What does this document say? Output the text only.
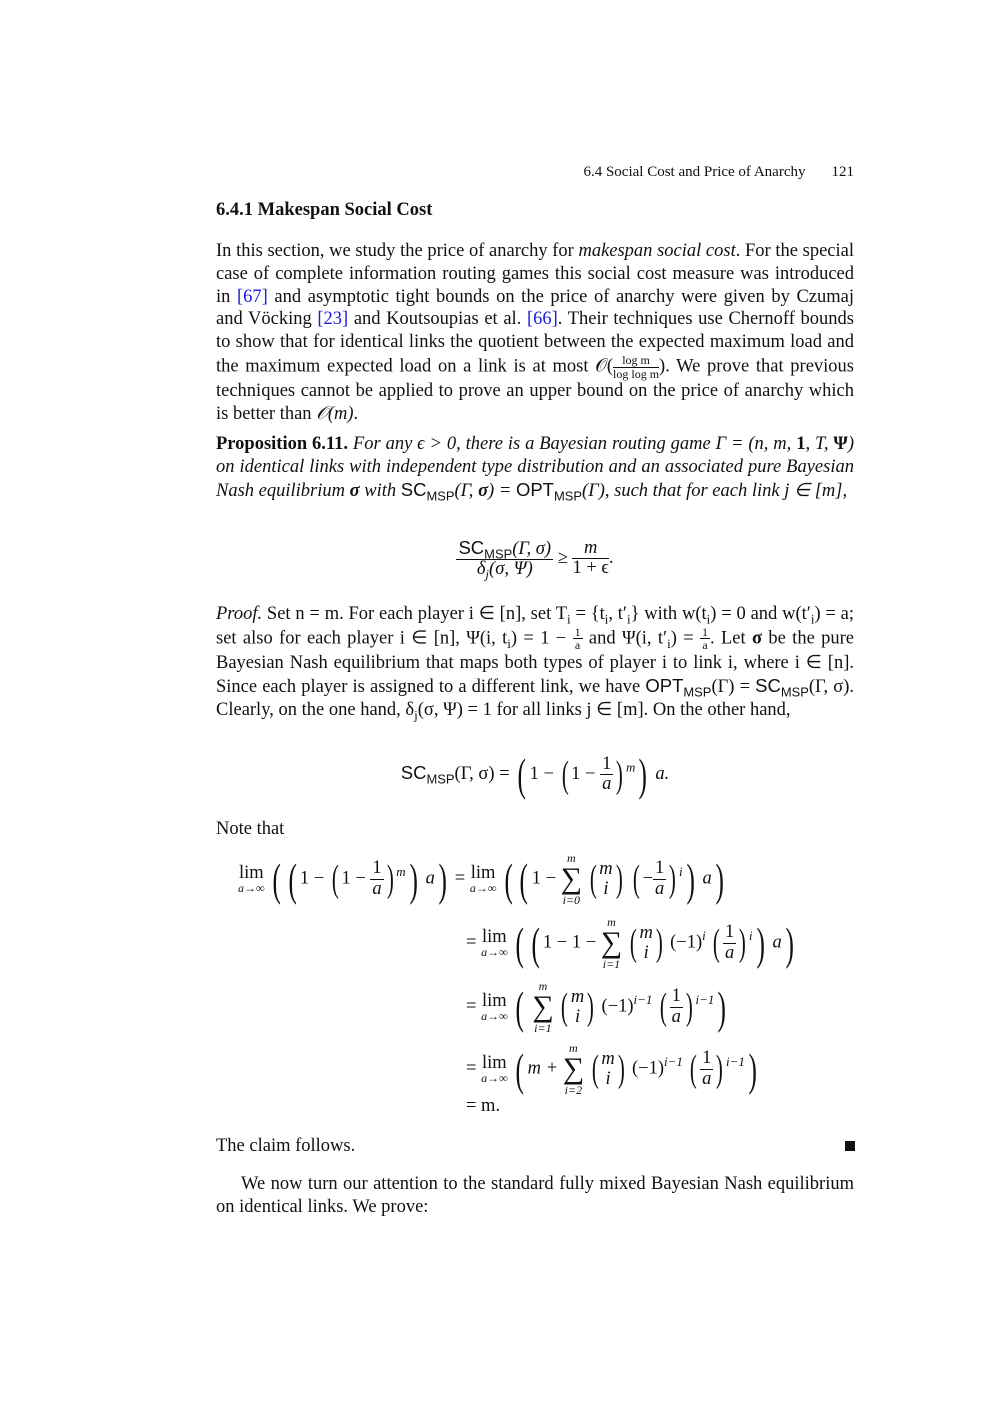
6.4 Social Cost and Price of Anarchy 121
6.4.1 Makespan Social Cost

In this section, we study the price of anarchy for makespan social cost. For the special case of complete information routing games this social cost measure was introduced in [67] and asymptotic tight bounds on the price of anarchy were given by Czumaj and Vöcking [23] and Koutsoupias et al. [66]. Their techniques use Chernoff bounds to show that for identical links the quotient between the expected maximum load and the maximum expected load on a link is at most 𝒪( $\frac{\text{log m}}{\text{log log m}}$ ). We prove that previous techniques cannot be applied to prove an upper bound on the price of anarchy which is better than 𝒪(m).

Proposition 6.11. For any ϵ > 0, there is a Bayesian routing game Γ = (n, m, 1, T, Ψ) on identical links with independent type distribution and an associated pure Bayesian Nash equilibrium σ with $SC_{MSP}(\Gamma$, $\sigma) = OPT_{MSP}(\Gamma)$, such that for each link j ∈ [m],

$\frac{SC_{MSP}(\Gamma, \sigma)}{\delta_j(\sigma, \Psi)} \ge \frac{m}{1 + \epsilon}$ .

Proof. Set n = m. For each player i ∈ [n], set $T_i = \{t_i$, $t'_i$} with $w(t_i) = 0$ and $w(t'_i) = a$; set also for each player i ∈ [n], Ψ(i, $t_i) = 1 - \frac{1}{a}$ and Ψ(i, $t'_i) = \frac{1}{a}$ . Let σ be the pure Bayesian Nash equilibrium that maps both types of player i to link i, where i ∈ [n]. Since each player is assigned to a different link, we have $OPT_{MSP}(\Gamma) = SC_{MSP}(\Gamma$, σ). Clearly, on the one hand, $\delta_j(\sigma$, Ψ) = 1 for all links j ∈ [m]. On the other hand,

$SC_{MSP}(\Gamma$, σ) = ( 1 − ( $1 - \frac{1}{a}$) $^m$) a.
Note that
lim
a→∞ ( ( 1 − ( $1 - \frac{1}{a}$) $^m$) a) = lim
a→∞ ( ( 1 − m
∑
i=0 ( m
i ) ( − $\frac{1}{a}$) $^i$) a)
= lim
a→∞ ( ( 1 − 1 − m
∑
i=1 ( m
i ) $(-1)^i$ ( $\frac{1}{a}$) $^i$) a)
= lim
a→∞ ( m
∑
i=1 ( m
i ) $(-1)^{i-1}$ ( $\frac{1}{a}$) $^{i-1}$)
= lim
a→∞ ( m + m
∑
i=2 ( m
i ) $(-1)^{i-1}$ ( $\frac{1}{a}$) $^{i-1}$)
= m.
The claim follows.
We now turn our attention to the standard fully mixed Bayesian Nash equilibrium on identical links. We prove:
